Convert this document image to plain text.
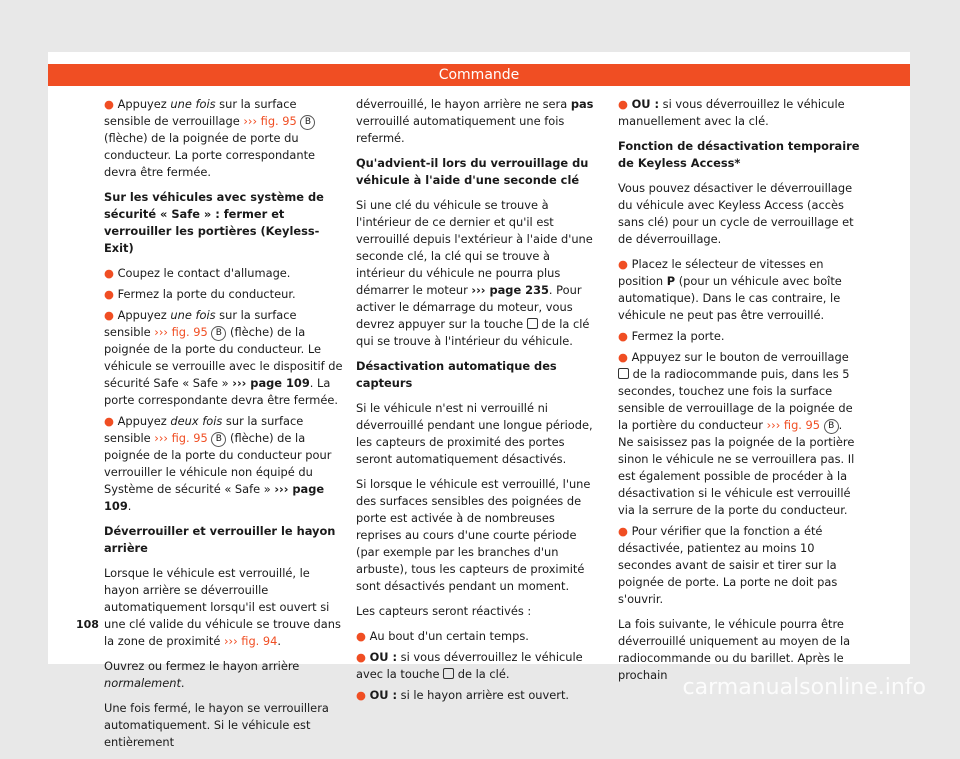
Commande
● Appuyez une fois sur la surface sensible de verrouillage ››› fig. 95 B (flèche) de la poignée de porte du conducteur. La porte correspondante devra être fermée.
Sur les véhicules avec système de sécurité « Safe » : fermer et verrouiller les portières (Keyless-Exit)
● Coupez le contact d'allumage.
● Fermez la porte du conducteur.
● Appuyez une fois sur la surface sensible ››› fig. 95 B (flèche) de la poignée de la porte du conducteur. Le véhicule se verrouille avec le dispositif de sécurité Safe « Safe » ››› page 109. La porte correspondante devra être fermée.
● Appuyez deux fois sur la surface sensible ››› fig. 95 B (flèche) de la poignée de la porte du conducteur pour verrouiller le véhicule non équipé du Système de sécurité « Safe » ››› page 109.
Déverrouiller et verrouiller le hayon arrière
Lorsque le véhicule est verrouillé, le hayon arrière se déverrouille automatiquement lorsqu'il est ouvert si une clé valide du véhicule se trouve dans la zone de proximité ››› fig. 94.
Ouvrez ou fermez le hayon arrière normalement.
Une fois fermé, le hayon se verrouillera automatiquement. Si le véhicule est entièrement
déverrouillé, le hayon arrière ne sera pas verrouillé automatiquement une fois refermé.
Qu'advient-il lors du verrouillage du véhicule à l'aide d'une seconde clé
Si une clé du véhicule se trouve à l'intérieur de ce dernier et qu'il est verrouillé depuis l'extérieur à l'aide d'une seconde clé, la clé qui se trouve à intérieur du véhicule ne pourra plus démarrer le moteur ››› page 235. Pour activer le démarrage du moteur, vous devrez appuyer sur la touche  de la clé qui se trouve à l'intérieur du véhicule.
Désactivation automatique des capteurs
Si le véhicule n'est ni verrouillé ni déverrouillé pendant une longue période, les capteurs de proximité des portes seront automatiquement désactivés.
Si lorsque le véhicule est verrouillé, l'une des surfaces sensibles des poignées de porte est activée à de nombreuses reprises au cours d'une courte période (par exemple par les branches d'un arbuste), tous les capteurs de proximité sont désactivés pendant un moment.
Les capteurs seront réactivés :
● Au bout d'un certain temps.
● OU : si vous déverrouillez le véhicule avec la touche  de la clé.
● OU : si le hayon arrière est ouvert.
● OU : si vous déverrouillez le véhicule manuellement avec la clé.
Fonction de désactivation temporaire de Keyless Access*
Vous pouvez désactiver le déverrouillage du véhicule avec Keyless Access (accès sans clé) pour un cycle de verrouillage et de déverrouillage.
● Placez le sélecteur de vitesses en position P (pour un véhicule avec boîte automatique). Dans le cas contraire, le véhicule ne peut pas être verrouillé.
● Fermez la porte.
● Appuyez sur le bouton de verrouillage  de la radiocommande puis, dans les 5 secondes, touchez une fois la surface sensible de verrouillage de la poignée de la portière du conducteur ››› fig. 95 B . Ne saisissez pas la poignée de la portière sinon le véhicule ne se verrouillera pas. Il est également possible de procéder à la désactivation si le véhicule est verrouillé via la serrure de la porte du conducteur.
● Pour vérifier que la fonction a été désactivée, patientez au moins 10 secondes avant de saisir et tirer sur la poignée de porte. La porte ne doit pas s'ouvrir.
La fois suivante, le véhicule pourra être déverrouillé uniquement au moyen de la radiocommande ou du barillet. Après le prochain
108
carmanualsonline.info
